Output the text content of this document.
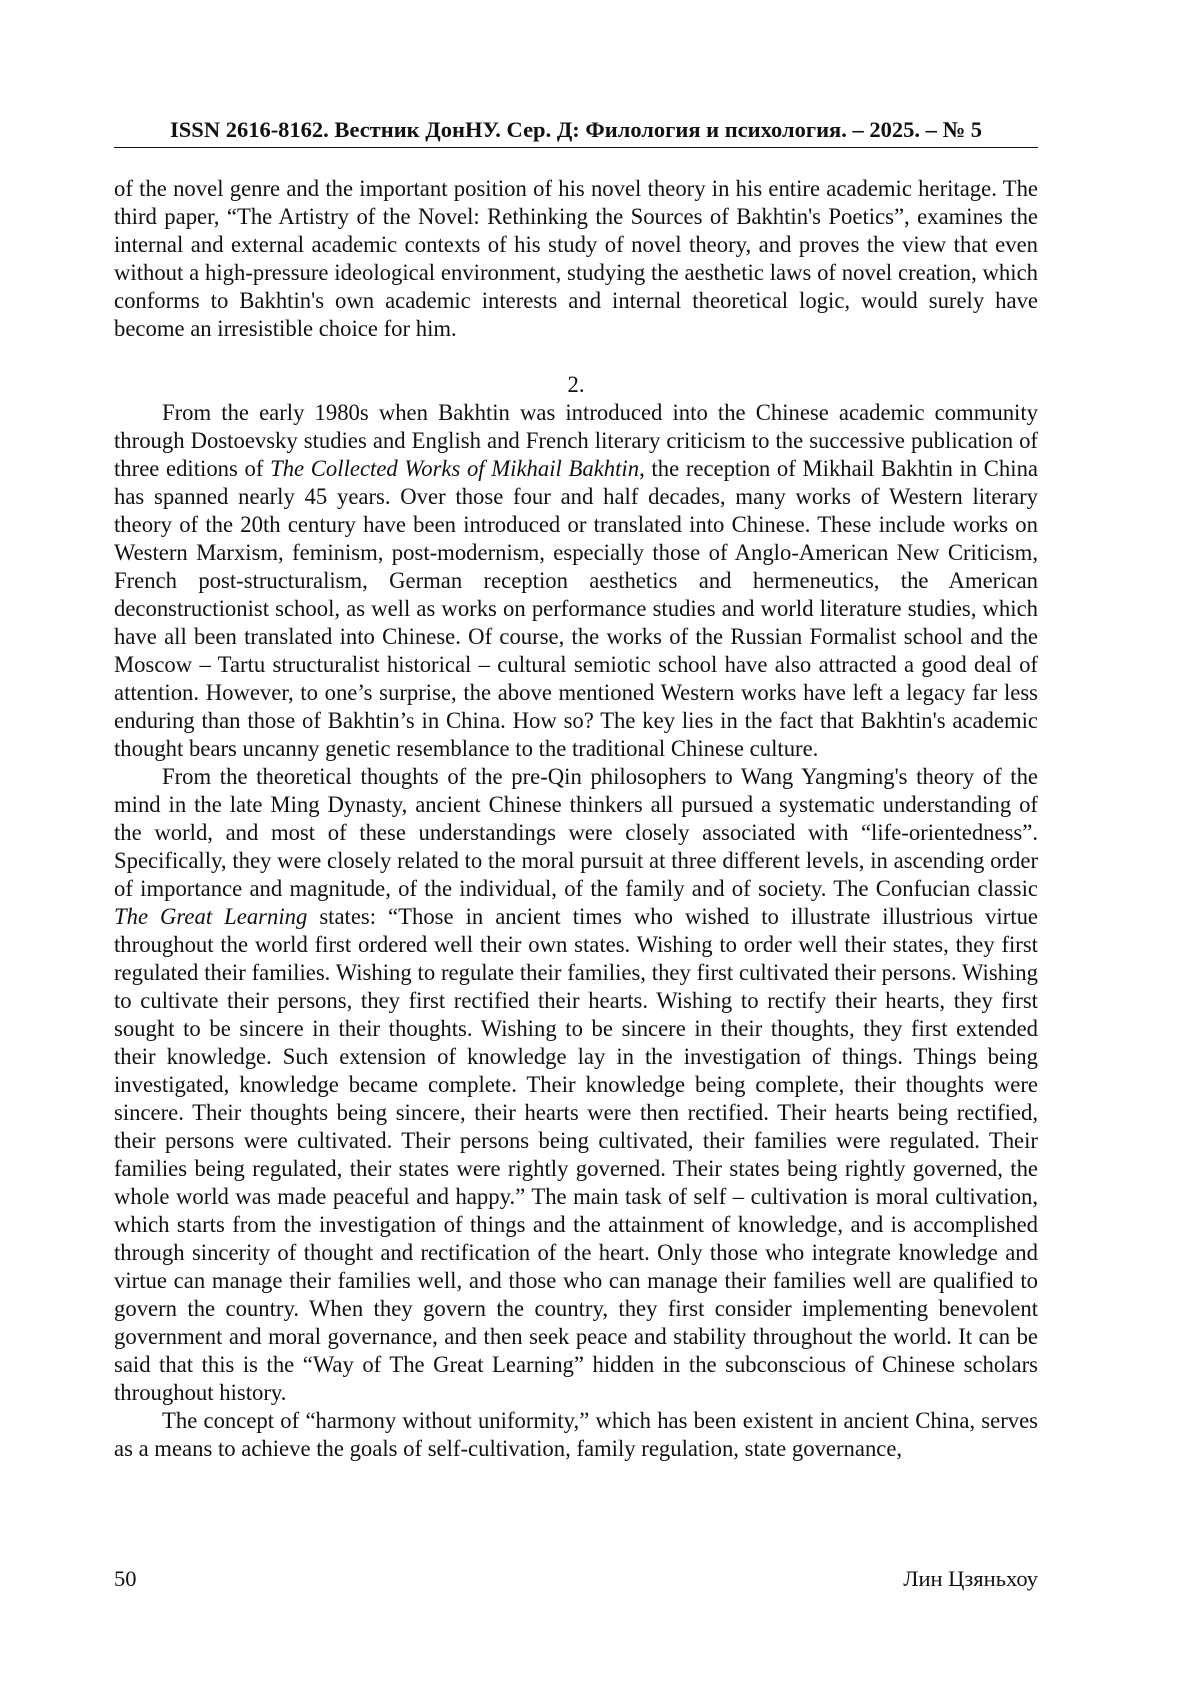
ISSN 2616-8162. Вестник ДонНУ. Сер. Д: Филология и психология. – 2025. – № 5

of the novel genre and the important position of his novel theory in his entire academic heritage. The third paper, “The Artistry of the Novel: Rethinking the Sources of Bakhtin's Poetics”, examines the internal and external academic contexts of his study of novel theory, and proves the view that even without a high-pressure ideological environment, studying the aesthetic laws of novel creation, which conforms to Bakhtin's own academic interests and internal theoretical logic, would surely have become an irresistible choice for him.

2.

From the early 1980s when Bakhtin was introduced into the Chinese academic community through Dostoevsky studies and English and French literary criticism to the successive publication of three editions of The Collected Works of Mikhail Bakhtin, the reception of Mikhail Bakhtin in China has spanned nearly 45 years. Over those four and half decades, many works of Western literary theory of the 20th century have been introduced or translated into Chinese. These include works on Western Marxism, feminism, post-modernism, especially those of Anglo-American New Criticism, French post-structuralism, German reception aesthetics and hermeneutics, the American deconstructionist school, as well as works on performance studies and world literature studies, which have all been translated into Chinese. Of course, the works of the Russian Formalist school and the Moscow – Tartu structuralist historical – cultural semiotic school have also attracted a good deal of attention. However, to one’s surprise, the above mentioned Western works have left a legacy far less enduring than those of Bakhtin’s in China. How so? The key lies in the fact that Bakhtin's academic thought bears uncanny genetic resemblance to the traditional Chinese culture.

From the theoretical thoughts of the pre-Qin philosophers to Wang Yangming's theory of the mind in the late Ming Dynasty, ancient Chinese thinkers all pursued a systematic understanding of the world, and most of these understandings were closely associated with “life-orientedness”. Specifically, they were closely related to the moral pursuit at three different levels, in ascending order of importance and magnitude, of the individual, of the family and of society. The Confucian classic The Great Learning states: “Those in ancient times who wished to illustrate illustrious virtue throughout the world first ordered well their own states. Wishing to order well their states, they first regulated their families. Wishing to regulate their families, they first cultivated their persons. Wishing to cultivate their persons, they first rectified their hearts. Wishing to rectify their hearts, they first sought to be sincere in their thoughts. Wishing to be sincere in their thoughts, they first extended their knowledge. Such extension of knowledge lay in the investigation of things. Things being investigated, knowledge became complete. Their knowledge being complete, their thoughts were sincere. Their thoughts being sincere, their hearts were then rectified. Their hearts being rectified, their persons were cultivated. Their persons being cultivated, their families were regulated. Their families being regulated, their states were rightly governed. Their states being rightly governed, the whole world was made peaceful and happy.” The main task of self – cultivation is moral cultivation, which starts from the investigation of things and the attainment of knowledge, and is accomplished through sincerity of thought and rectification of the heart. Only those who integrate knowledge and virtue can manage their families well, and those who can manage their families well are qualified to govern the country. When they govern the country, they first consider implementing benevolent government and moral governance, and then seek peace and stability throughout the world. It can be said that this is the “Way of The Great Learning” hidden in the subconscious of Chinese scholars throughout history.

The concept of “harmony without uniformity,” which has been existent in ancient China, serves as a means to achieve the goals of self-cultivation, family regulation, state governance,

50	Лин Цзяньхоу
